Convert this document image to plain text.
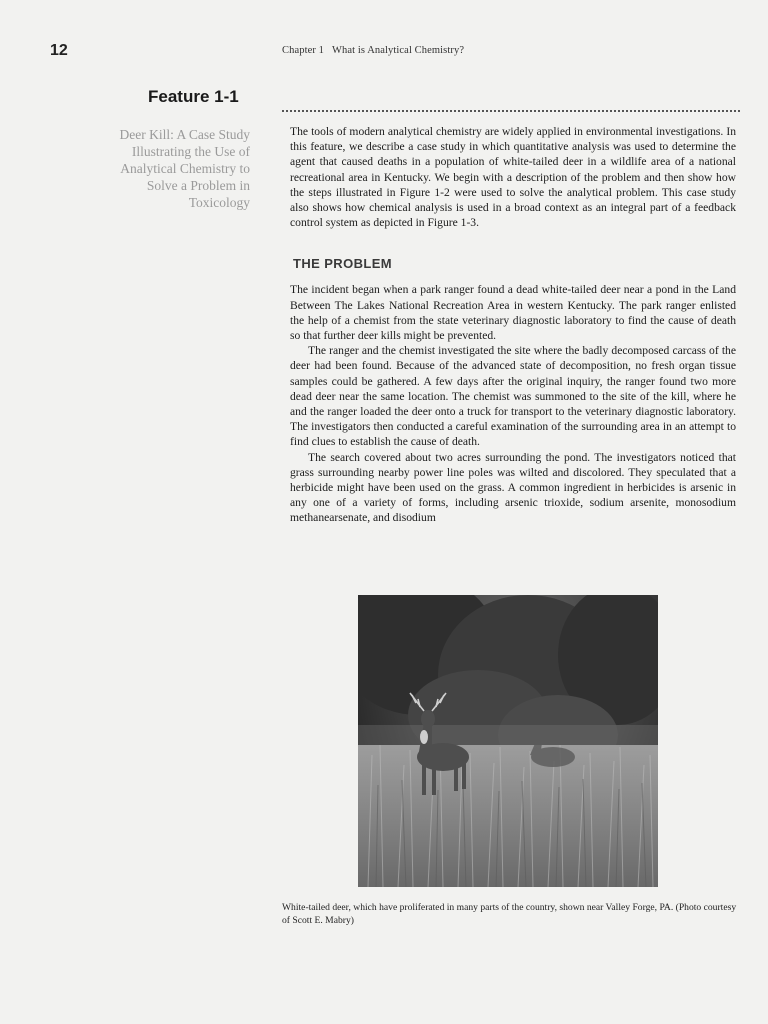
12	Chapter 1 What is Analytical Chemistry?
Feature 1-1
Deer Kill: A Case Study Illustrating the Use of Analytical Chemistry to Solve a Problem in Toxicology

The tools of modern analytical chemistry are widely applied in environmental investigations. In this feature, we describe a case study in which quantitative analysis was used to determine the agent that caused deaths in a population of white-tailed deer in a wildlife area of a national recreational area in Kentucky. We begin with a description of the problem and then show how the steps illustrated in Figure 1-2 were used to solve the analytical problem. This case study also shows how chemical analysis is used in a broad context as an integral part of a feedback control system as depicted in Figure 1-3.

THE PROBLEM

The incident began when a park ranger found a dead white-tailed deer near a pond in the Land Between The Lakes National Recreation Area in western Kentucky. The park ranger enlisted the help of a chemist from the state veterinary diagnostic laboratory to find the cause of death so that further deer kills might be prevented.

The ranger and the chemist investigated the site where the badly decomposed carcass of the deer had been found. Because of the advanced state of decomposition, no fresh organ tissue samples could be gathered. A few days after the original inquiry, the ranger found two more dead deer near the same location. The chemist was summoned to the site of the kill, where he and the ranger loaded the deer onto a truck for transport to the veterinary diagnostic laboratory. The investigators then conducted a careful examination of the surrounding area in an attempt to find clues to establish the cause of death.

The search covered about two acres surrounding the pond. The investigators noticed that grass surrounding nearby power line poles was wilted and discolored. They speculated that a herbicide might have been used on the grass. A common ingredient in herbicides is arsenic in any one of a variety of forms, including arsenic trioxide, sodium arsenite, monosodium methanearsenate, and disodium

White-tailed deer, which have proliferated in many parts of the country, shown near Valley Forge, PA. (Photo courtesy of Scott E. Mabry)
